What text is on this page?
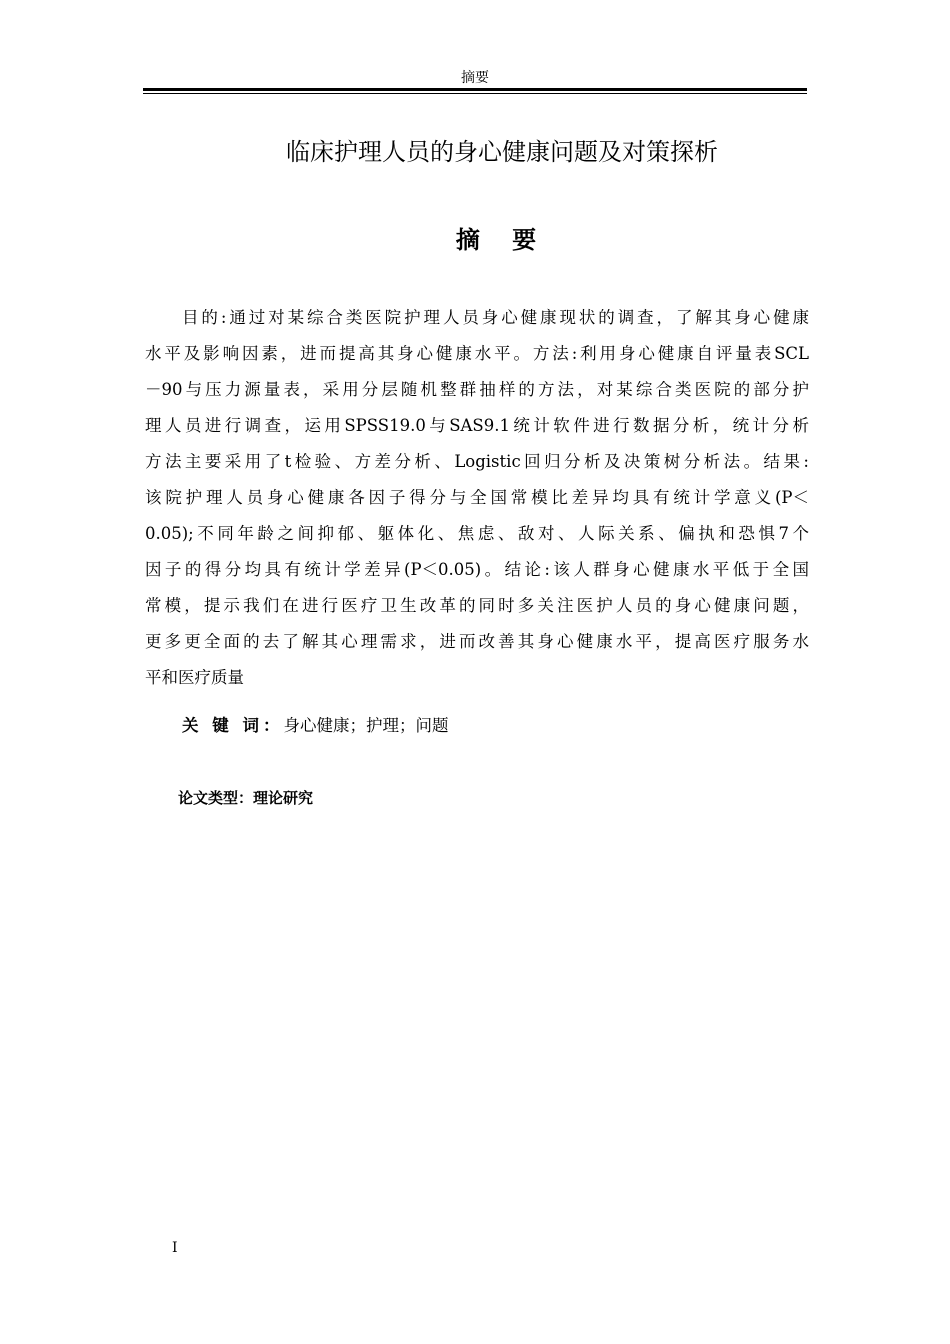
摘要
临床护理人员的身心健康问题及对策探析
摘 要
目的:通过对某综合类医院护理人员身心健康现状的调查，了解其身心健康
水平及影响因素，进而提高其身心健康水平。方法:利用身心健康自评量表SCL
－90与压力源量表，采用分层随机整群抽样的方法，对某综合类医院的部分护
理人员进行调查，运用SPSS19.0与SAS9.1统计软件进行数据分析，统计分析
方法主要采用了t检验、方差分析、Logistic回归分析及决策树分析法。结果:
该院护理人员身心健康各因子得分与全国常模比差异均具有统计学意义(P＜
0.05);不同年龄之间抑郁、躯体化、焦虑、敌对、人际关系、偏执和恐惧7个
因子的得分均具有统计学差异(P＜0.05)。结论:该人群身心健康水平低于全国
常模，提示我们在进行医疗卫生改革的同时多关注医护人员的身心健康问题，
更多更全面的去了解其心理需求，进而改善其身心健康水平，提高医疗服务水
平和医疗质量
关 键 词：身心健康；护理；问题
论文类型：理论研究
I
